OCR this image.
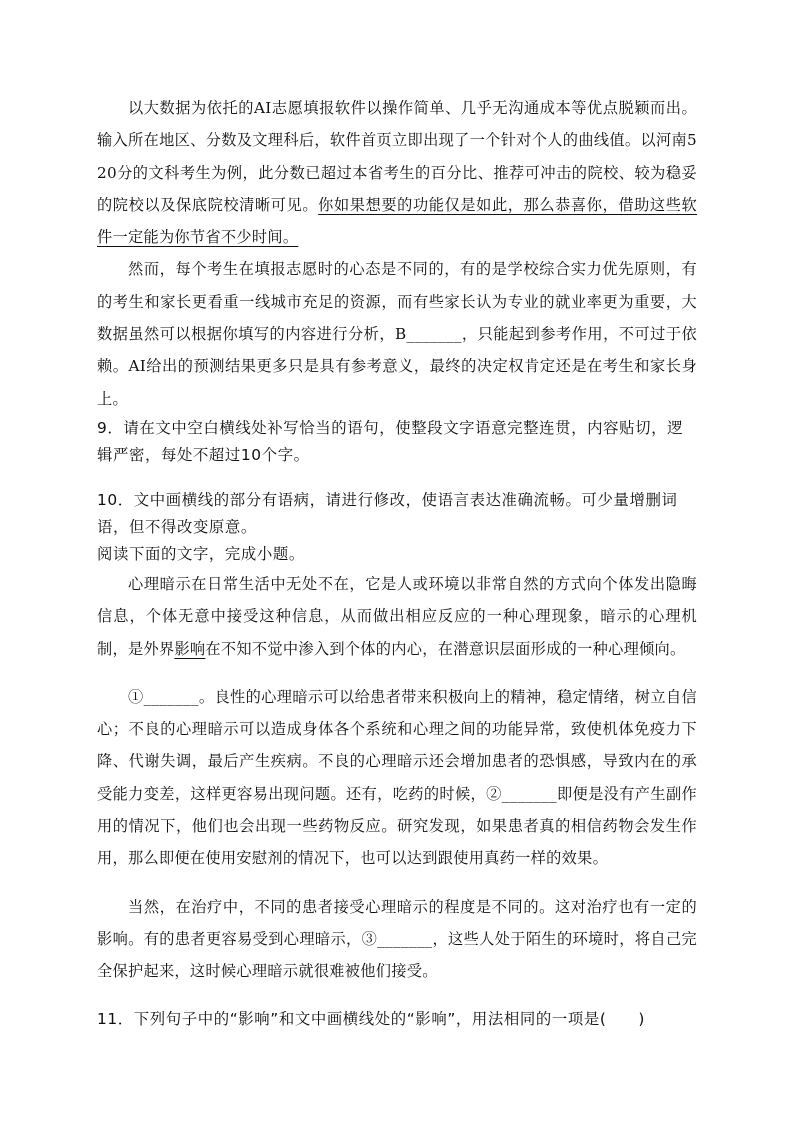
以大数据为依托的AI志愿填报软件以操作简单、几乎无沟通成本等优点脱颖而出。输入所在地区、分数及文理科后，软件首页立即出现了一个针对个人的曲线值。以河南520分的文科考生为例，此分数已超过本省考生的百分比、推荐可冲击的院校、较为稳妥的院校以及保底院校清晰可见。你如果想要的功能仅是如此，那么恭喜你，借助这些软件一定能为你节省不少时间。

然而，每个考生在填报志愿时的心态是不同的，有的是学校综合实力优先原则，有的考生和家长更看重一线城市充足的资源，而有些家长认为专业的就业率更为重要，大数据虽然可以根据你填写的内容进行分析，B_______，只能起到参考作用，不可过于依赖。AI给出的预测结果更多只是具有参考意义，最终的决定权肯定还是在考生和家长身上。

9．请在文中空白横线处补写恰当的语句，使整段文字语意完整连贯，内容贴切，逻辑严密，每处不超过10个字。

10．文中画横线的部分有语病，请进行修改，使语言表达准确流畅。可少量增删词语，但不得改变原意。

阅读下面的文字，完成小题。

心理暗示在日常生活中无处不在，它是人或环境以非常自然的方式向个体发出隐晦信息，个体无意中接受这种信息，从而做出相应反应的一种心理现象，暗示的心理机制，是外界影响在不知不觉中渗入到个体的内心，在潜意识层面形成的一种心理倾向。

①_______。良性的心理暗示可以给患者带来积极向上的精神，稳定情绪，树立自信心；不良的心理暗示可以造成身体各个系统和心理之间的功能异常，致使机体免疫力下降、代谢失调，最后产生疾病。不良的心理暗示还会增加患者的恐惧感，导致内在的承受能力变差，这样更容易出现问题。还有，吃药的时候，②_______即便是没有产生副作用的情况下，他们也会出现一些药物反应。研究发现，如果患者真的相信药物会发生作用，那么即便在使用安慰剂的情况下，也可以达到跟使用真药一样的效果。

当然，在治疗中，不同的患者接受心理暗示的程度是不同的。这对治疗也有一定的影响。有的患者更容易受到心理暗示，③_______，这些人处于陌生的环境时，将自己完全保护起来，这时候心理暗示就很难被他们接受。

11．下列句子中的“影响”和文中画横线处的“影响”，用法相同的一项是(　　)
